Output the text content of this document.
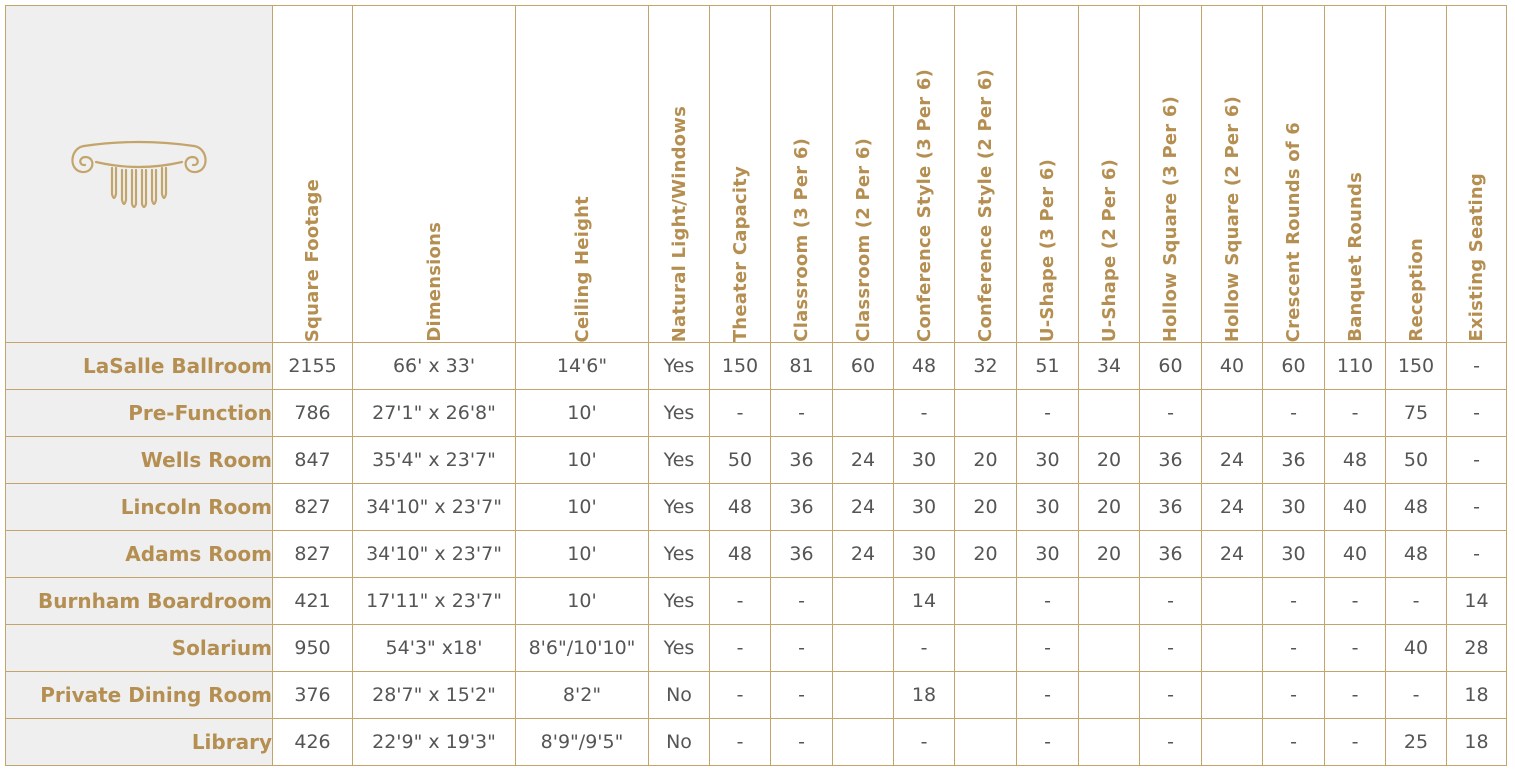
Square Footage	Dimensions	Ceiling Height	Natural Light/Windows	Theater Capacity	Classroom (3 Per 6)	Classroom (2 Per 6)	Conference Style (3 Per 6)	Conference Style (2 Per 6)	U-Shape (3 Per 6)	U-Shape (2 Per 6)	Hollow Square (3 Per 6)	Hollow Square (2 Per 6)	Crescent Rounds of 6	Banquet Rounds	Reception	Existing Seating

LaSalle Ballroom	2155	66' x 33'	14'6"	Yes	150	81	60	48	32	51	34	60	40	60	110	150	-
Pre-Function	786	27'1" x 26'8"	10'	Yes	-	-		-		-		-		-	-	75	-
Wells Room	847	35'4" x 23'7"	10'	Yes	50	36	24	30	20	30	20	36	24	36	48	50	-
Lincoln Room	827	34'10" x 23'7"	10'	Yes	48	36	24	30	20	30	20	36	24	30	40	48	-
Adams Room	827	34'10" x 23'7"	10'	Yes	48	36	24	30	20	30	20	36	24	30	40	48	-
Burnham Boardroom	421	17'11" x 23'7"	10'	Yes	-	-		14		-		-		-	-	-	14
Solarium	950	54'3" x18'	8'6"/10'10"	Yes	-	-		-		-		-		-	-	40	28
Private Dining Room	376	28'7" x 15'2"	8'2"	No	-	-		18		-		-		-	-	-	18
Library	426	22'9" x 19'3"	8'9"/9'5"	No	-	-		-		-		-		-	-	25	18
